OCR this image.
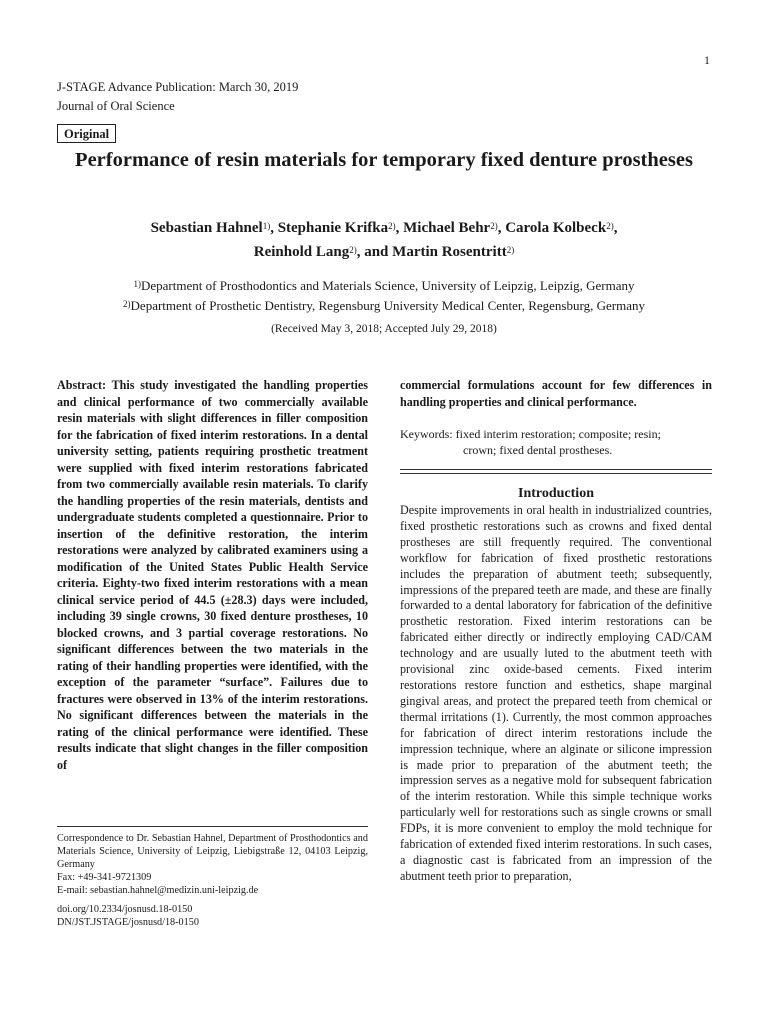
1
J-STAGE Advance Publication: March 30, 2019
Journal of Oral Science
Original
Performance of resin materials for temporary fixed denture prostheses
Sebastian Hahnel$^{1)}$, Stephanie Krifka$^{2)}$, Michael Behr$^{2)}$, Carola Kolbeck$^{2)}$,
Reinhold Lang$^{2)}$, and Martin Rosentritt$^{2)}$
$^{1)}$Department of Prosthodontics and Materials Science, University of Leipzig, Leipzig, Germany
$^{2)}$Department of Prosthetic Dentistry, Regensburg University Medical Center, Regensburg, Germany
(Received May 3, 2018; Accepted July 29, 2018)
Abstract: This study investigated the handling properties and clinical performance of two commercially available resin materials with slight differences in filler composition for the fabrication of fixed interim restorations. In a dental university setting, patients requiring prosthetic treatment were supplied with fixed interim restorations fabricated from two commercially available resin materials. To clarify the handling properties of the resin materials, dentists and undergraduate students completed a questionnaire. Prior to insertion of the definitive restoration, the interim restorations were analyzed by calibrated examiners using a modification of the United States Public Health Service criteria. Eighty-two fixed interim restorations with a mean clinical service period of 44.5 (±28.3) days were included, including 39 single crowns, 30 fixed denture prostheses, 10 blocked crowns, and 3 partial coverage restorations. No significant differences between the two materials in the rating of their handling properties were identified, with the exception of the parameter “surface”. Failures due to fractures were observed in 13% of the interim restorations. No significant differences between the materials in the rating of the clinical performance were identified. These results indicate that slight changes in the filler composition of
commercial formulations account for few differences in handling properties and clinical performance.
Keywords: fixed interim restoration; composite; resin;
crown; fixed dental prostheses.
Introduction
Despite improvements in oral health in industrialized countries, fixed prosthetic restorations such as crowns and fixed dental prostheses are still frequently required. The conventional workflow for fabrication of fixed prosthetic restorations includes the preparation of abutment teeth; subsequently, impressions of the prepared teeth are made, and these are finally forwarded to a dental laboratory for fabrication of the definitive prosthetic restoration. Fixed interim restorations can be fabricated either directly or indirectly employing CAD/CAM technology and are usually luted to the abutment teeth with provisional zinc oxide-based cements. Fixed interim restorations restore function and esthetics, shape marginal gingival areas, and protect the prepared teeth from chemical or thermal irritations (1). Currently, the most common approaches for fabrication of direct interim restorations include the impression technique, where an alginate or silicone impression is made prior to preparation of the abutment teeth; the impression serves as a negative mold for subsequent fabrication of the interim restoration. While this simple technique works particularly well for restorations such as single crowns or small FDPs, it is more convenient to employ the mold technique for fabrication of extended fixed interim restorations. In such cases, a diagnostic cast is fabricated from an impression of the abutment teeth prior to preparation,
Correspondence to Dr. Sebastian Hahnel, Department of Prosthodontics and Materials Science, University of Leipzig, Liebigstraße 12, 04103 Leipzig, Germany
Fax: +49-341-9721309
E-mail: sebastian.hahnel@medizin.uni-leipzig.de
doi.org/10.2334/josnusd.18-0150
DN/JST.JSTAGE/josnusd/18-0150
